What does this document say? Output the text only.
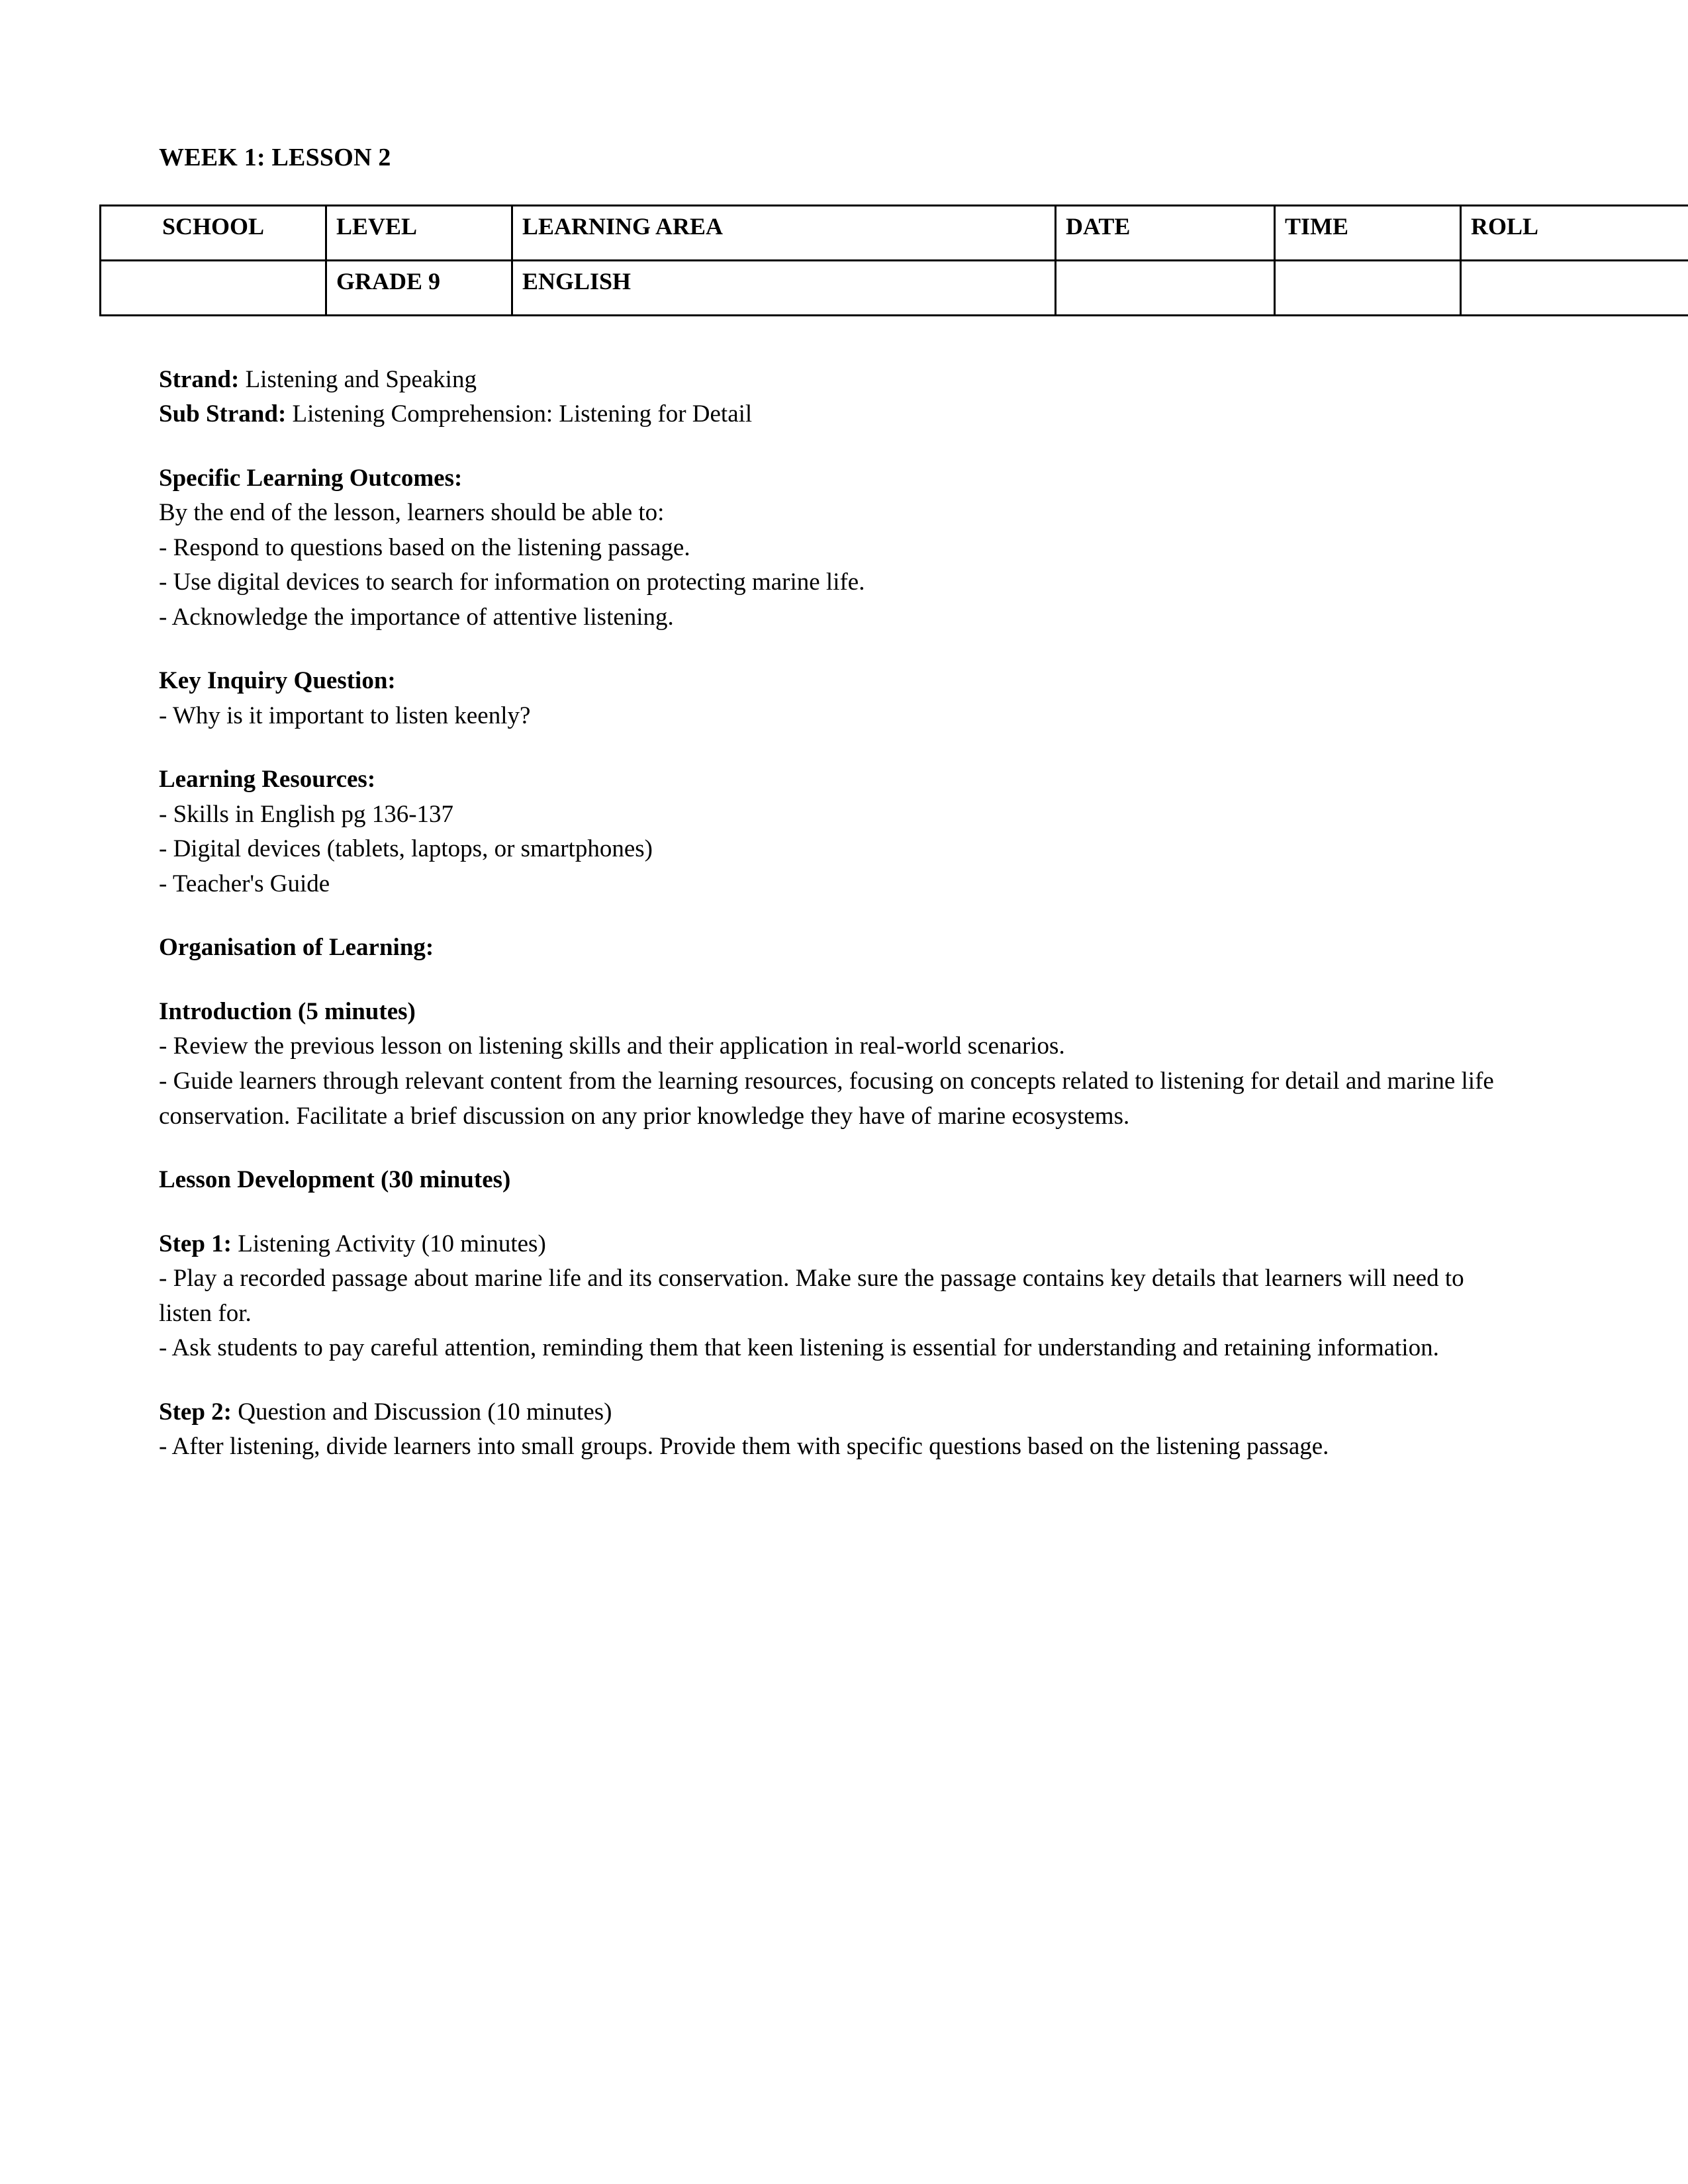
WEEK 1: LESSON 2
SCHOOL	LEVEL	LEARNING AREA	DATE	TIME	ROLL
	GRADE 9	ENGLISH			

Strand: Listening and Speaking

Sub Strand: Listening Comprehension: Listening for Detail

Specific Learning Outcomes:

By the end of the lesson, learners should be able to:

- Respond to questions based on the listening passage.

- Use digital devices to search for information on protecting marine life.

- Acknowledge the importance of attentive listening.

Key Inquiry Question:

- Why is it important to listen keenly?

Learning Resources:

- Skills in English pg 136-137

- Digital devices (tablets, laptops, or smartphones)

- Teacher's Guide

Organisation of Learning:

Introduction (5 minutes)

- Review the previous lesson on listening skills and their application in real-world scenarios.

- Guide learners through relevant content from the learning resources, focusing on concepts related to listening for detail and marine life conservation. Facilitate a brief discussion on any prior knowledge they have of marine ecosystems.

Lesson Development (30 minutes)

Step 1: Listening Activity (10 minutes)

- Play a recorded passage about marine life and its conservation. Make sure the passage contains key details that learners will need to listen for.

- Ask students to pay careful attention, reminding them that keen listening is essential for understanding and retaining information.

Step 2: Question and Discussion (10 minutes)

- After listening, divide learners into small groups. Provide them with specific questions based on the listening passage.
